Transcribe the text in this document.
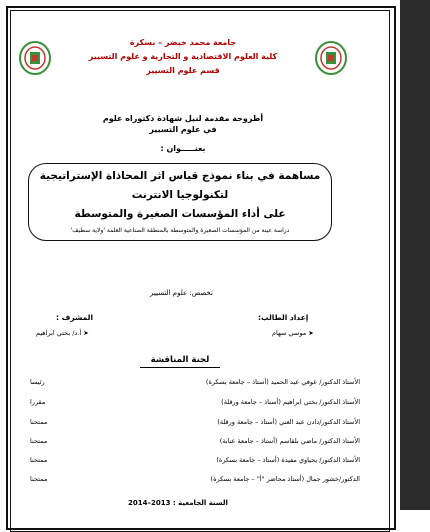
جامعة محمد خيضر – بسكرة
كلية العلوم الاقتصادية و التجارية و علوم التسيير
قسم علوم التسيير
أطروحة مقدمة لنيل شهادة دكتوراه علوم
في علوم التسيير
بعنـــــوان :
مساهمة في بناء نموذج قياس اثر المحاذاة الإستراتيجية
لتكنولوجيا الانترنت
على أداء المؤسسات الصغيرة والمتوسطة
دراسة عينة من المؤسسات الصغيرة والمتوسطة بالمنطقة الصناعية العلمة 'ولاية سطيف'
تخصص: علوم التسيير
المشرف :
➤ أ.د/ بختي ابراهيم
إعداد الطالب:
➤ موسي سهام
لجنة المناقشة
الأستاذ الدكتور/ عوفي عبد الحميد (أستاذ – جامعة بسكرة)
رئيسا
الأستاذ الدكتور/ بختي ابراهيم (أستاذ – جامعة ورقلة)
مقررا
الأستاذ الدكتور/دادن عبد الغني (أستاذ – جامعة ورقلة)
ممتحنا
الأستاذ الدكتور/ ماضي بلقاسم (أستاذ – جامعة عنابة)
ممتحنا
الأستاذ الدكتور/ يحياوي مفيدة (أستاذ – جامعة بسكرة)
ممتحنا
الدكتور/خشور جمال (أستاذ محاضر "أ" – جامعة بسكرة)
ممتحنا
السنة الجامعية : 2013–2014
